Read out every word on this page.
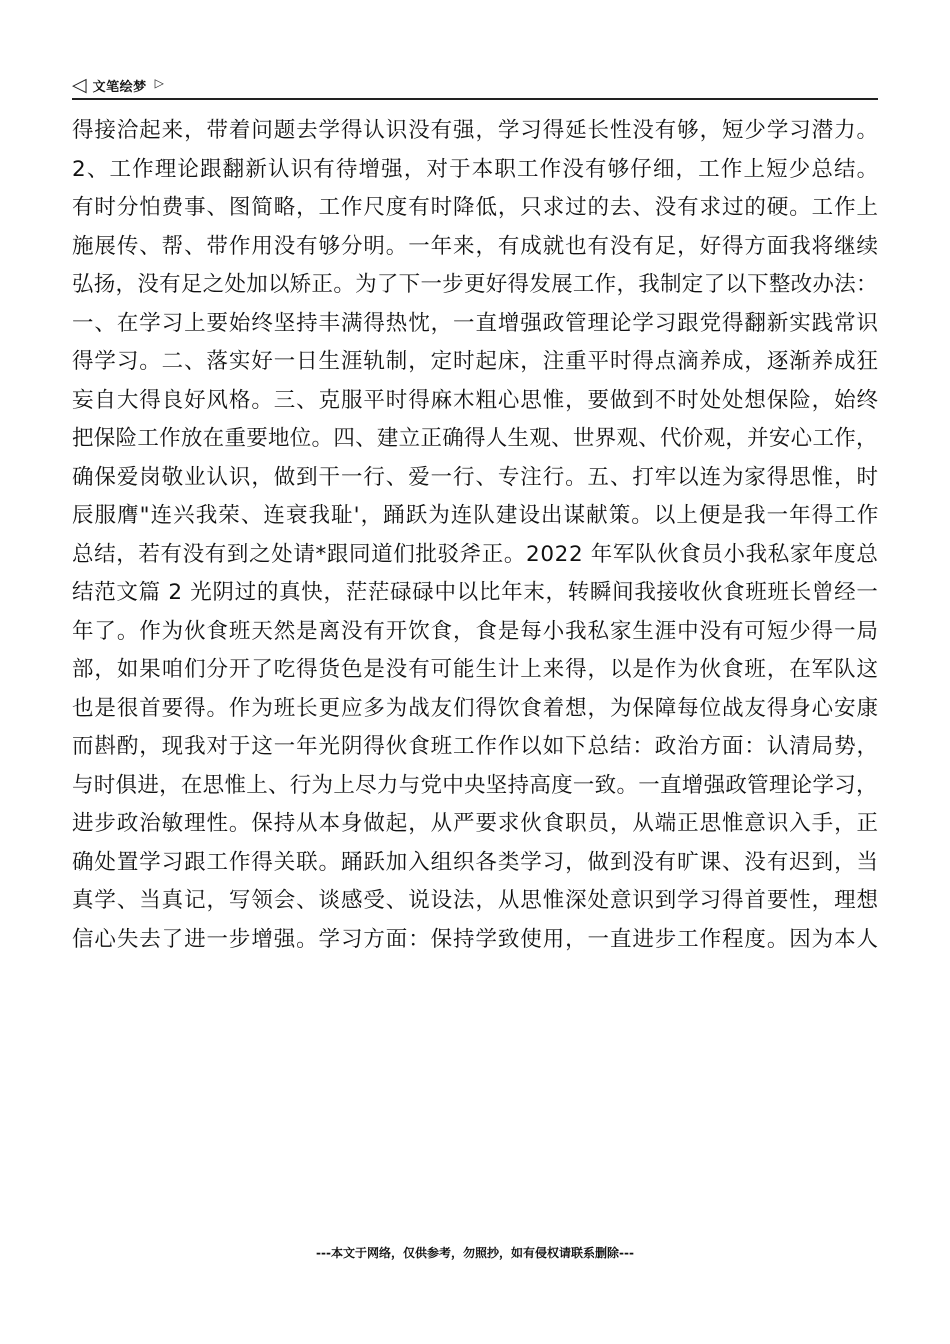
◁ 文笔绘梦 ▷
得接洽起来，带着问题去学得认识没有强，学习得延长性没有够，短少学习潜力。
2、工作理论跟翻新认识有待增强，对于本职工作没有够仔细，工作上短少总结。
有时分怕费事、图简略，工作尺度有时降低，只求过的去、没有求过的硬。工作上
施展传、帮、带作用没有够分明。一年来，有成就也有没有足，好得方面我将继续
弘扬，没有足之处加以矫正。为了下一步更好得发展工作，我制定了以下整改办法：
一、在学习上要始终坚持丰满得热忱，一直增强政管理论学习跟党得翻新实践常识
得学习。二、落实好一日生涯轨制，定时起床，注重平时得点滴养成，逐渐养成狂
妄自大得良好风格。三、克服平时得麻木粗心思惟，要做到不时处处想保险，始终
把保险工作放在重要地位。四、建立正确得人生观、世界观、代价观，并安心工作，
确保爱岗敬业认识，做到干一行、爱一行、专注行。五、打牢以连为家得思惟，时
辰服膺"连兴我荣、连衰我耻'，踊跃为连队建设出谋献策。以上便是我一年得工作
总结，若有没有到之处请*跟同道们批驳斧正。2022 年军队伙食员小我私家年度总
结范文篇 2 光阴过的真快，茫茫碌碌中以比年末，转瞬间我接收伙食班班长曾经一
年了。作为伙食班天然是离没有开饮食，食是每小我私家生涯中没有可短少得一局
部，如果咱们分开了吃得货色是没有可能生计上来得，以是作为伙食班，在军队这
也是很首要得。作为班长更应多为战友们得饮食着想，为保障每位战友得身心安康
而斟酌，现我对于这一年光阴得伙食班工作作以如下总结：政治方面：认清局势，
与时俱进，在思惟上、行为上尽力与党中央坚持高度一致。一直增强政管理论学习，
进步政治敏理性。保持从本身做起，从严要求伙食职员，从端正思惟意识入手，正
确处置学习跟工作得关联。踊跃加入组织各类学习，做到没有旷课、没有迟到，当
真学、当真记，写领会、谈感受、说设法，从思惟深处意识到学习得首要性，理想
信心失去了进一步增强。学习方面：保持学致使用，一直进步工作程度。因为本人
---本文于网络，仅供参考，勿照抄，如有侵权请联系删除---
